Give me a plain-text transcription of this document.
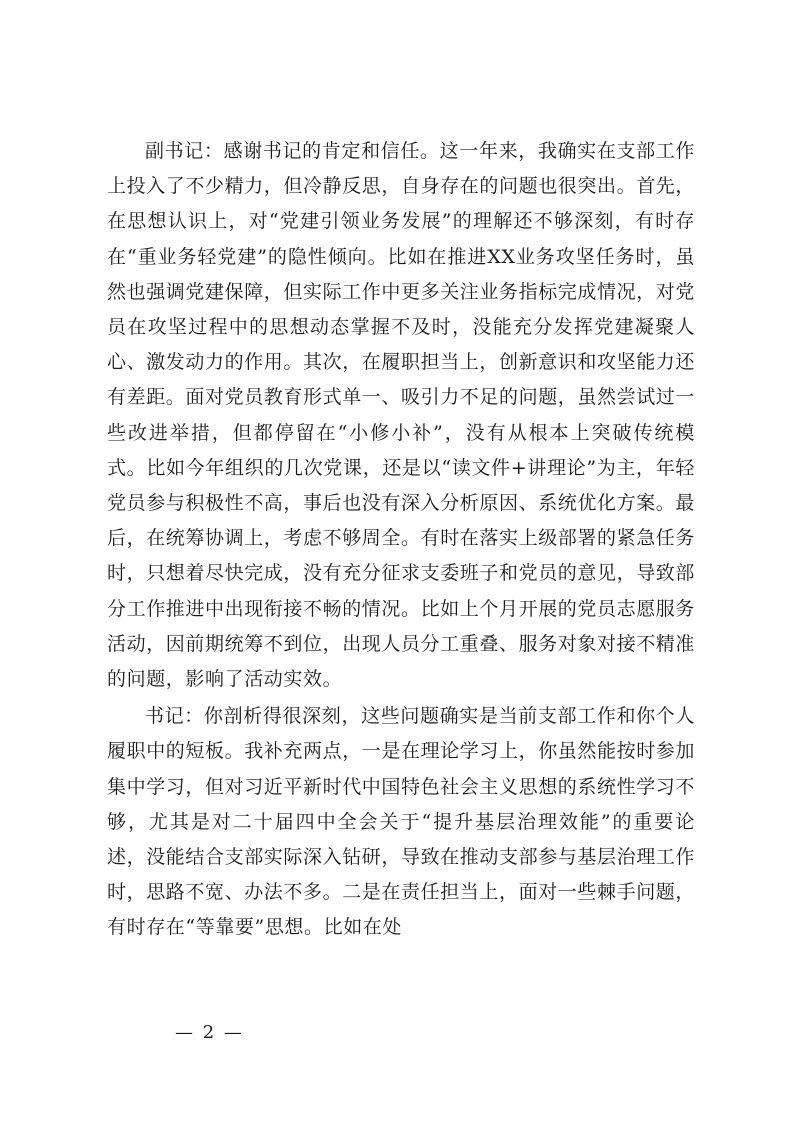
副书记：感谢书记的肯定和信任。这一年来，我确实在支部工作上投入了不少精力，但冷静反思，自身存在的问题也很突出。首先，在思想认识上，对“党建引领业务发展”的理解还不够深刻，有时存在“重业务轻党建”的隐性倾向。比如在推进XX业务攻坚任务时，虽然也强调党建保障，但实际工作中更多关注业务指标完成情况，对党员在攻坚过程中的思想动态掌握不及时，没能充分发挥党建凝聚人心、激发动力的作用。其次，在履职担当上，创新意识和攻坚能力还有差距。面对党员教育形式单一、吸引力不足的问题，虽然尝试过一些改进举措，但都停留在“小修小补”，没有从根本上突破传统模式。比如今年组织的几次党课，还是以“读文件+讲理论”为主，年轻党员参与积极性不高，事后也没有深入分析原因、系统优化方案。最后，在统筹协调上，考虑不够周全。有时在落实上级部署的紧急任务时，只想着尽快完成，没有充分征求支委班子和党员的意见，导致部分工作推进中出现衔接不畅的情况。比如上个月开展的党员志愿服务活动，因前期统筹不到位，出现人员分工重叠、服务对象对接不精准的问题，影响了活动实效。

书记：你剖析得很深刻，这些问题确实是当前支部工作和你个人履职中的短板。我补充两点，一是在理论学习上，你虽然能按时参加集中学习，但对习近平新时代中国特色社会主义思想的系统性学习不够，尤其是对二十届四中全会关于“提升基层治理效能”的重要论述，没能结合支部实际深入钻研，导致在推动支部参与基层治理工作时，思路不宽、办法不多。二是在责任担当上，面对一些棘手问题，有时存在“等靠要”思想。比如在处

— 2 —
